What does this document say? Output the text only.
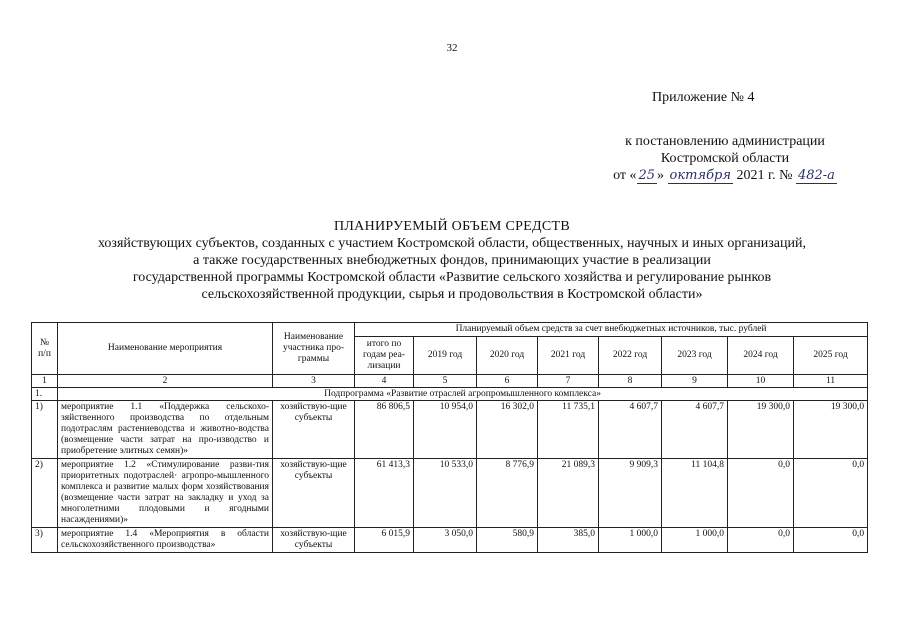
32
Приложение № 4
к постановлению администрации
Костромской области
от « 25 » октября 2021 г. № 482-а
ПЛАНИРУЕМЫЙ ОБЪЕМ СРЕДСТВ
хозяйствующих субъектов, созданных с участием Костромской области, общественных, научных и иных организаций,
а также государственных внебюджетных фондов, принимающих участие в реализации
государственной программы Костромской области «Развитие сельского хозяйства и регулирование рынков
сельскохозяйственной продукции, сырья и продовольствия в Костромской области»
№ п/п	Наименование мероприятия	Наименование участника про-граммы	Планируемый объем средств за счет внебюджетных источников, тыс. рублей							
			итого по годам реа-лизации	2019 год	2020 год	2021 год	2022 год	2023 год	2024 год	2025 год
1	2	3	4	5	6	7	8	9	10	11
1.	Подпрограмма «Развитие отраслей агропромышленного комплекса»									
1)	мероприятие 1.1 «Поддержка сельскохо-зяйственного производства по отдельным подотраслям растениеводства и животно-водства (возмещение части затрат на про-изводство и приобретение элитных семян)»	хозяйствую-щие субъекты	86 806,5	10 954,0	16 302,0	11 735,1	4 607,7	4 607,7	19 300,0	19 300,0
2)	мероприятие 1.2 «Стимулирование разви-тия приоритетных подотраслей· агропро-мышленного комплекса и развитие малых форм хозяйствования (возмещение части затрат на закладку и уход за многолетними плодовыми и ягодными насаждениями)»	хозяйствую-щие субъекты	61 413,3	10 533,0	8 776,9	21 089,3	9 909,3	11 104,8	0,0	0,0
3)	мероприятие 1.4 «Мероприятия в области сельскохозяйственного производства»	хозяйствую-щие субъекты	6 015,9	3 050,0	580,9	385,0	1 000,0	1 000,0	0,0	0,0
